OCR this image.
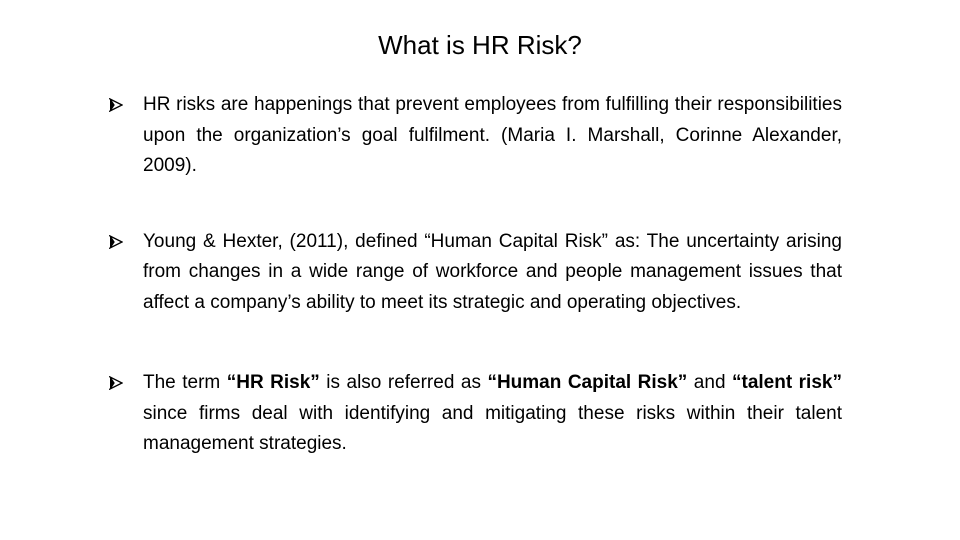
What is HR Risk?
HR risks are happenings that prevent employees from fulfilling their responsibilities upon the organization’s goal fulfilment. (Maria I. Marshall, Corinne Alexander, 2009).
Young & Hexter, (2011), defined “Human Capital Risk” as: The uncertainty arising from changes in a wide range of workforce and people management issues that affect a company’s ability to meet its strategic and operating objectives.
The term “HR Risk” is also referred as “Human Capital Risk” and “talent risk” since firms deal with identifying and mitigating these risks within their talent management strategies.
